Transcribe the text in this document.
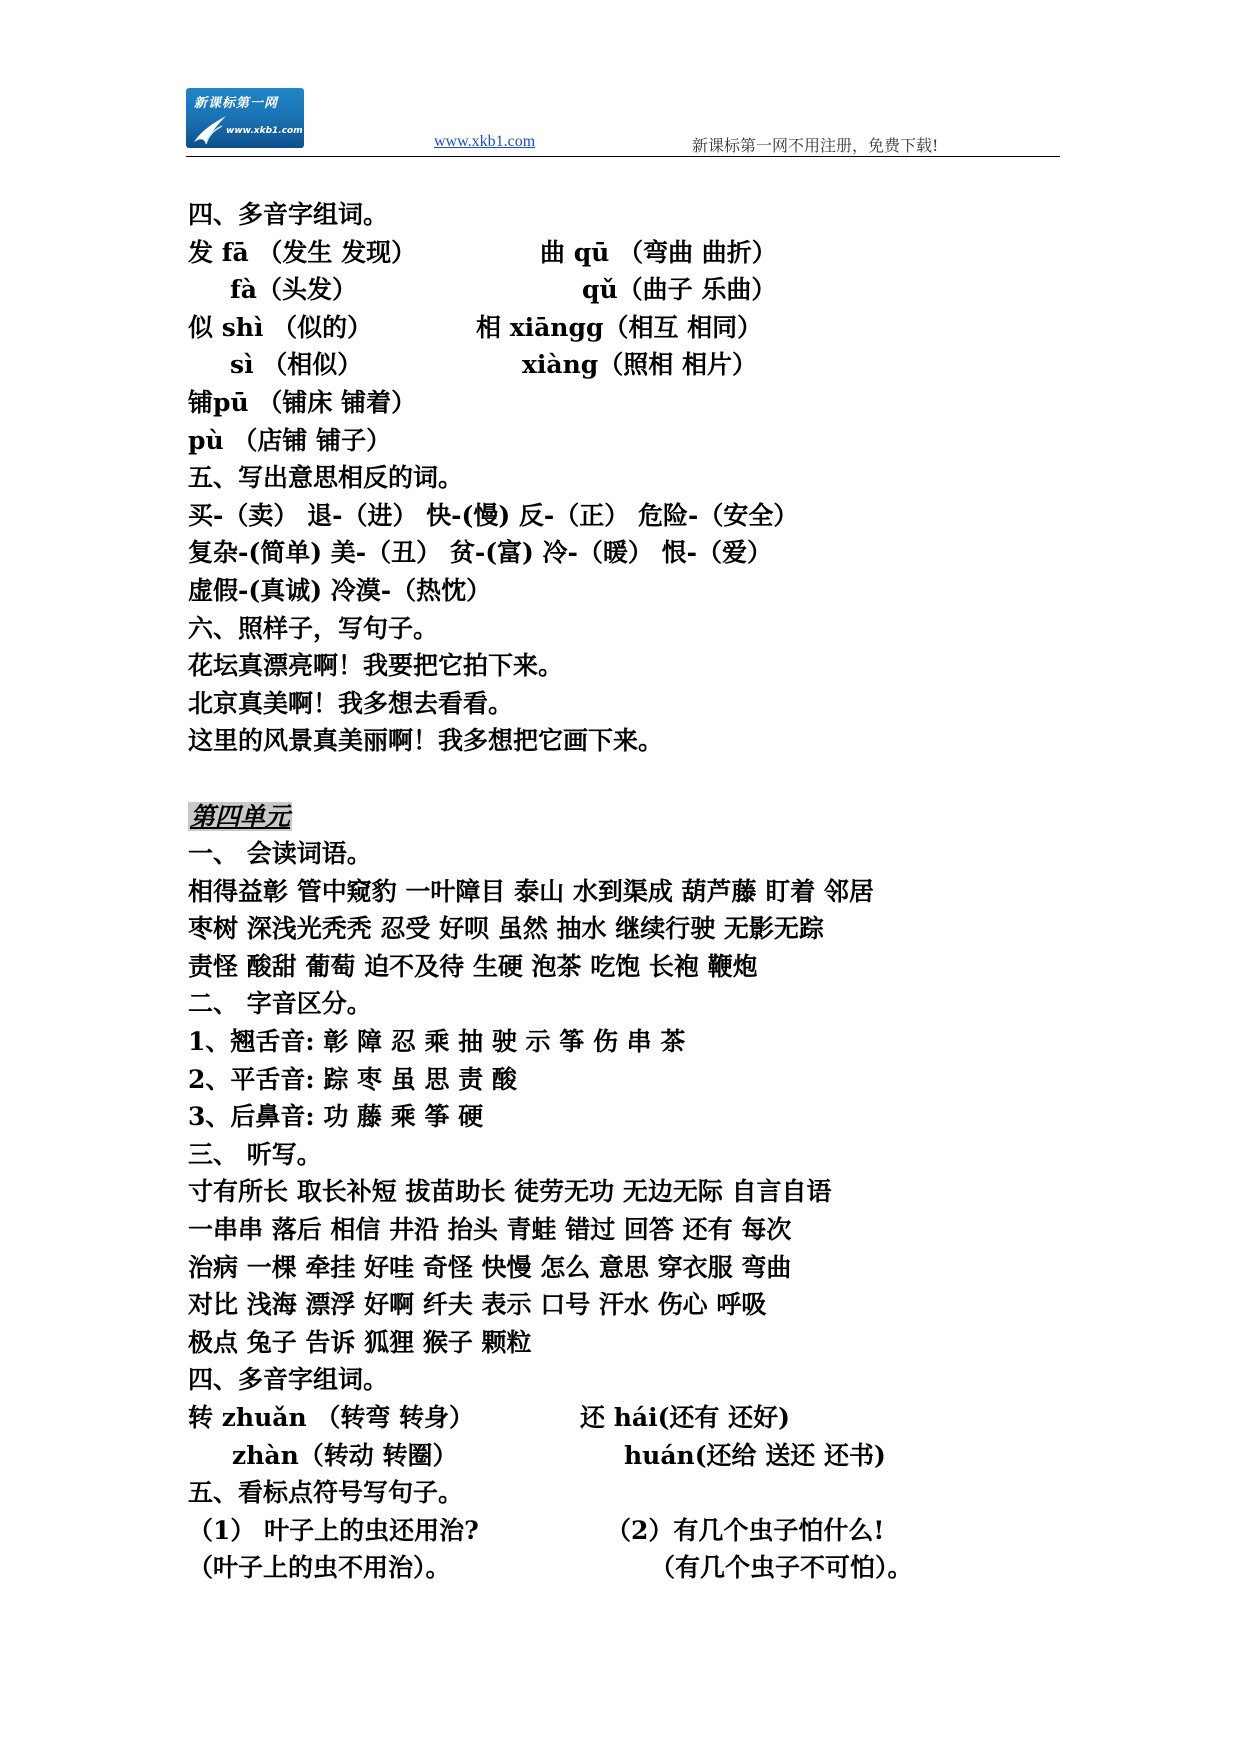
新课标第一网
www.xkb1.com
www.xkb1.com	新课标第一网不用注册，免费下载!
四、多音字组词。
发 fā （发生 发现）	曲 qū （弯曲 曲折）
fà（头发）	qǔ（曲子 乐曲）
似 shì （似的）	相 xiāngg（相互 相同）
sì （相似）	xiàng（照相 相片）
铺pū （铺床 铺着）
pù （店铺 铺子）
五、写出意思相反的词。
买-（卖） 退-（进） 快-(慢) 反-（正） 危险-（安全）
复杂-(简单) 美-（丑） 贫-(富) 冷-（暖） 恨-（爱）
虚假-(真诚) 冷漠-（热忱）
六、照样子，写句子。
花坛真漂亮啊！我要把它拍下来。
北京真美啊！我多想去看看。
这里的风景真美丽啊！我多想把它画下来。
第四单元
一、 会读词语。
相得益彰 管中窥豹 一叶障目 泰山 水到渠成 葫芦藤 盯着 邻居
枣树 深浅光秃秃 忍受 好呗 虽然 抽水 继续行驶 无影无踪
责怪 酸甜 葡萄 迫不及待 生硬 泡茶 吃饱 长袍 鞭炮
二、 字音区分。
1、翘舌音: 彰 障 忍 乘 抽 驶 示 筝 伤 串 茶
2、平舌音: 踪 枣 虽 思 责 酸
3、后鼻音: 功 藤 乘 筝 硬
三、 听写。
寸有所长 取长补短 拔苗助长 徒劳无功 无边无际 自言自语
一串串 落后 相信 井沿 抬头 青蛙 错过 回答 还有 每次
治病 一棵 牵挂 好哇 奇怪 快慢 怎么 意思 穿衣服 弯曲
对比 浅海 漂浮 好啊 纤夫 表示 口号 汗水 伤心 呼吸
极点 兔子 告诉 狐狸 猴子 颗粒
四、多音字组词。
转 zhuǎn （转弯 转身）	还 hái(还有 还好)
zhàn（转动 转圈）	huán(还给 送还 还书)
五、看标点符号写句子。
（1） 叶子上的虫还用治?	（2）有几个虫子怕什么!
（叶子上的虫不用治）。	（有几个虫子不可怕）。
